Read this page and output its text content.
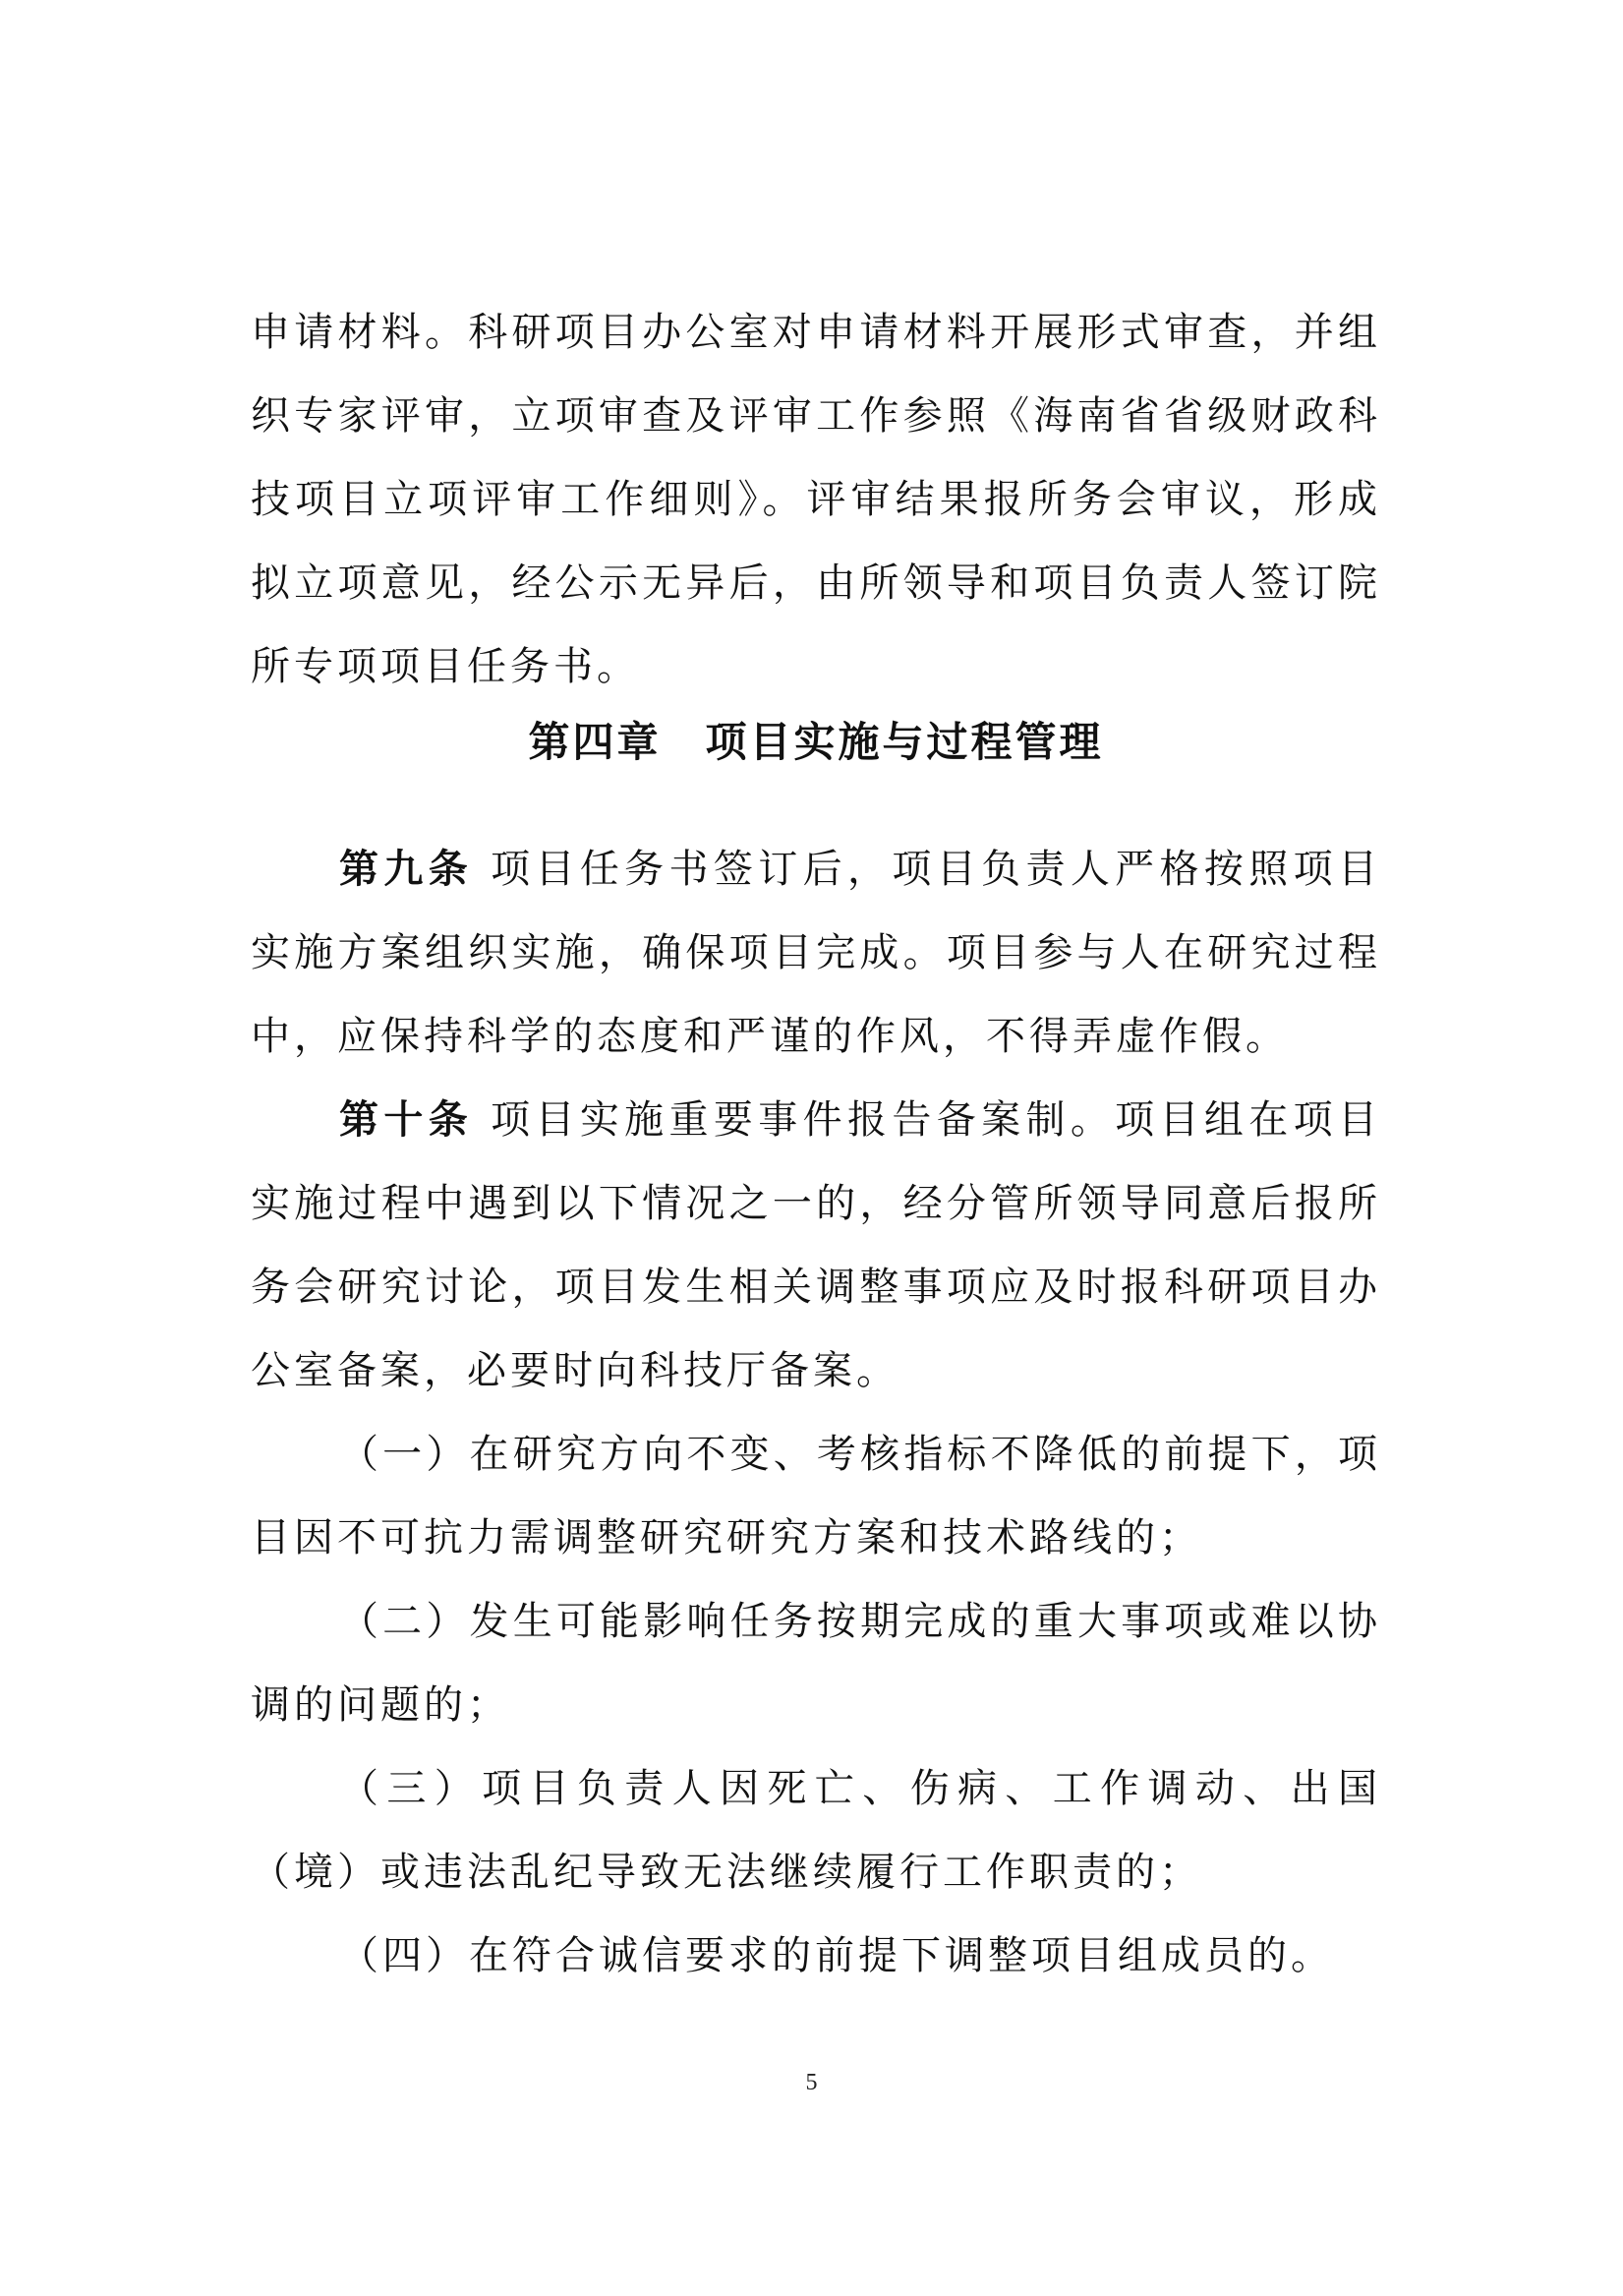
申请材料。科研项目办公室对申请材料开展形式审查，并组织专家评审，立项审查及评审工作参照《海南省省级财政科技项目立项评审工作细则》。评审结果报所务会审议，形成拟立项意见，经公示无异后，由所领导和项目负责人签订院所专项项目任务书。

第四章　项目实施与过程管理

第九条 项目任务书签订后，项目负责人严格按照项目实施方案组织实施，确保项目完成。项目参与人在研究过程中，应保持科学的态度和严谨的作风，不得弄虚作假。

第十条 项目实施重要事件报告备案制。项目组在项目实施过程中遇到以下情况之一的，经分管所领导同意后报所务会研究讨论，项目发生相关调整事项应及时报科研项目办公室备案，必要时向科技厅备案。

（一）在研究方向不变、考核指标不降低的前提下，项目因不可抗力需调整研究研究方案和技术路线的；

（二）发生可能影响任务按期完成的重大事项或难以协调的问题的；

（三）项目负责人因死亡、伤病、工作调动、出国（境）或违法乱纪导致无法继续履行工作职责的；

（四）在符合诚信要求的前提下调整项目组成员的。

5
